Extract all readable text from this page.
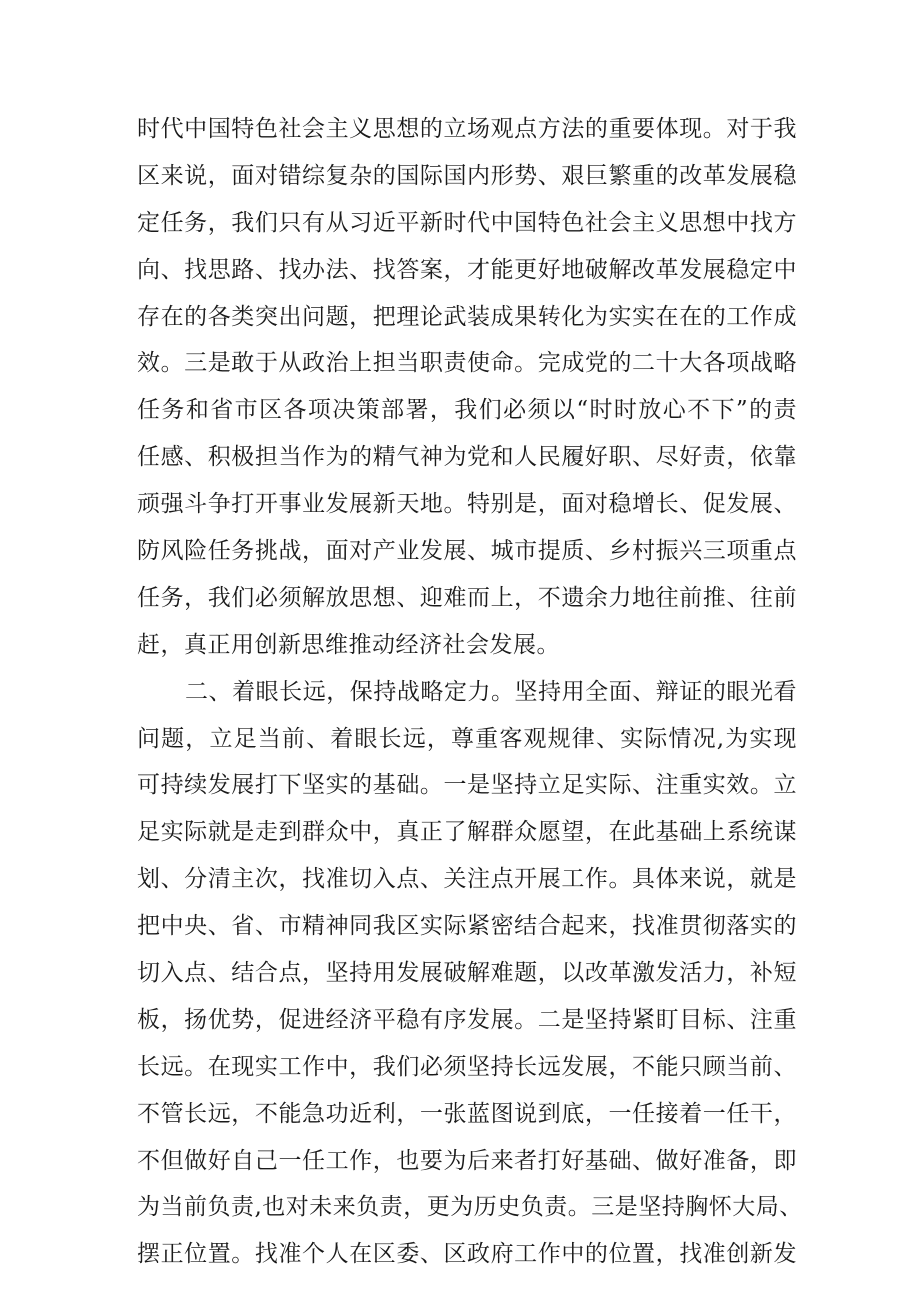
时代中国特色社会主义思想的立场观点方法的重要体现。对于我
区来说，面对错综复杂的国际国内形势、艰巨繁重的改革发展稳
定任务，我们只有从习近平新时代中国特色社会主义思想中找方
向、找思路、找办法、找答案，才能更好地破解改革发展稳定中
存在的各类突出问题，把理论武装成果转化为实实在在的工作成
效。三是敢于从政治上担当职责使命。完成党的二十大各项战略
任务和省市区各项决策部署，我们必须以“时时放心不下”的责
任感、积极担当作为的精气神为党和人民履好职、尽好责，依靠
顽强斗争打开事业发展新天地。特别是，面对稳增长、促发展、
防风险任务挑战，面对产业发展、城市提质、乡村振兴三项重点
任务，我们必须解放思想、迎难而上，不遗余力地往前推、往前
赶，真正用创新思维推动经济社会发展。
二、着眼长远，保持战略定力。坚持用全面、辩证的眼光看
问题，立足当前、着眼长远，尊重客观规律、实际情况,为实现
可持续发展打下坚实的基础。一是坚持立足实际、注重实效。立
足实际就是走到群众中，真正了解群众愿望，在此基础上系统谋
划、分清主次，找准切入点、关注点开展工作。具体来说，就是
把中央、省、市精神同我区实际紧密结合起来，找准贯彻落实的
切入点、结合点，坚持用发展破解难题，以改革激发活力，补短
板，扬优势，促进经济平稳有序发展。二是坚持紧盯目标、注重
长远。在现实工作中，我们必须坚持长远发展，不能只顾当前、
不管长远，不能急功近利，一张蓝图说到底，一任接着一任干，
不但做好自己一任工作，也要为后来者打好基础、做好准备，即
为当前负责,也对未来负责，更为历史负责。三是坚持胸怀大局、
摆正位置。找准个人在区委、区政府工作中的位置，找准创新发
